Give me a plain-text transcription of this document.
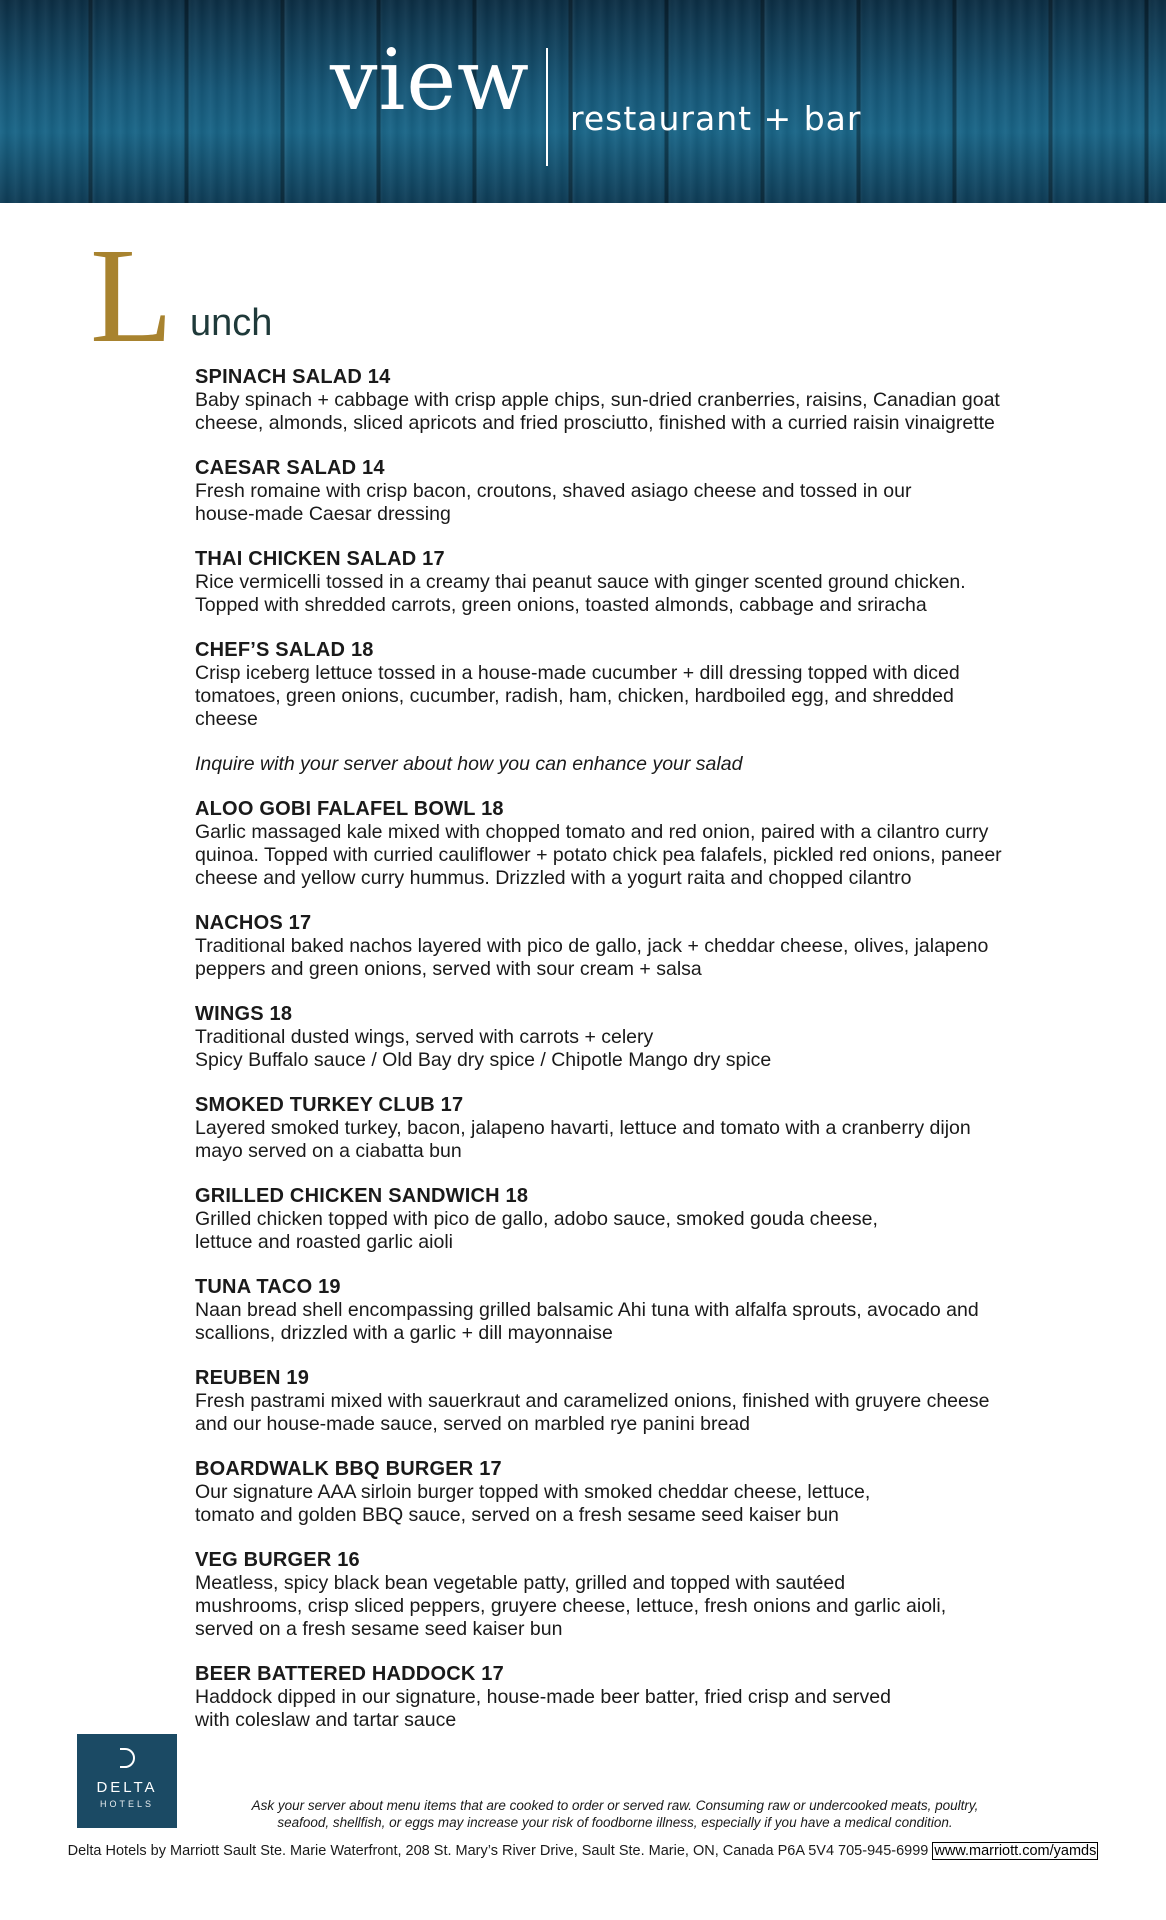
view restaurant + bar
L unch
SPINACH SALAD 14
Baby spinach + cabbage with crisp apple chips, sun-dried cranberries, raisins, Canadian goat
cheese, almonds, sliced apricots and fried prosciutto, finished with a curried raisin vinaigrette
CAESAR SALAD 14
Fresh romaine with crisp bacon, croutons, shaved asiago cheese and tossed in our
house-made Caesar dressing
THAI CHICKEN SALAD 17
Rice vermicelli tossed in a creamy thai peanut sauce with ginger scented ground chicken.
Topped with shredded carrots, green onions, toasted almonds, cabbage and sriracha
CHEF’S SALAD 18
Crisp iceberg lettuce tossed in a house-made cucumber + dill dressing topped with diced
tomatoes, green onions, cucumber, radish, ham, chicken, hardboiled egg, and shredded
cheese
Inquire with your server about how you can enhance your salad
ALOO GOBI FALAFEL BOWL 18
Garlic massaged kale mixed with chopped tomato and red onion, paired with a cilantro curry
quinoa. Topped with curried cauliflower + potato chick pea falafels, pickled red onions, paneer
cheese and yellow curry hummus. Drizzled with a yogurt raita and chopped cilantro
NACHOS 17
Traditional baked nachos layered with pico de gallo, jack + cheddar cheese, olives, jalapeno
peppers and green onions, served with sour cream + salsa
WINGS 18
Traditional dusted wings, served with carrots + celery
Spicy Buffalo sauce / Old Bay dry spice / Chipotle Mango dry spice
SMOKED TURKEY CLUB 17
Layered smoked turkey, bacon, jalapeno havarti, lettuce and tomato with a cranberry dijon
mayo served on a ciabatta bun
GRILLED CHICKEN SANDWICH 18
Grilled chicken topped with pico de gallo, adobo sauce, smoked gouda cheese,
lettuce and roasted garlic aioli
TUNA TACO 19
Naan bread shell encompassing grilled balsamic Ahi tuna with alfalfa sprouts, avocado and
scallions, drizzled with a garlic + dill mayonnaise
REUBEN 19
Fresh pastrami mixed with sauerkraut and caramelized onions, finished with gruyere cheese
and our house-made sauce, served on marbled rye panini bread
BOARDWALK BBQ BURGER 17
Our signature AAA sirloin burger topped with smoked cheddar cheese, lettuce,
tomato and golden BBQ sauce, served on a fresh sesame seed kaiser bun
VEG BURGER 16
Meatless, spicy black bean vegetable patty, grilled and topped with sautéed
mushrooms, crisp sliced peppers, gruyere cheese, lettuce, fresh onions and garlic aioli,
served on a fresh sesame seed kaiser bun
BEER BATTERED HADDOCK 17
Haddock dipped in our signature, house-made beer batter, fried crisp and served
with coleslaw and tartar sauce
DELTA
HOTELS	Ask your server about menu items that are cooked to order or served raw. Consuming raw or undercooked meats, poultry,
seafood, shellfish, or eggs may increase your risk of foodborne illness, especially if you have a medical condition.
Delta Hotels by Marriott Sault Ste. Marie Waterfront, 208 St. Mary’s River Drive, Sault Ste. Marie, ON, Canada P6A 5V4 705-945-6999 www.marriott.com/yamds
